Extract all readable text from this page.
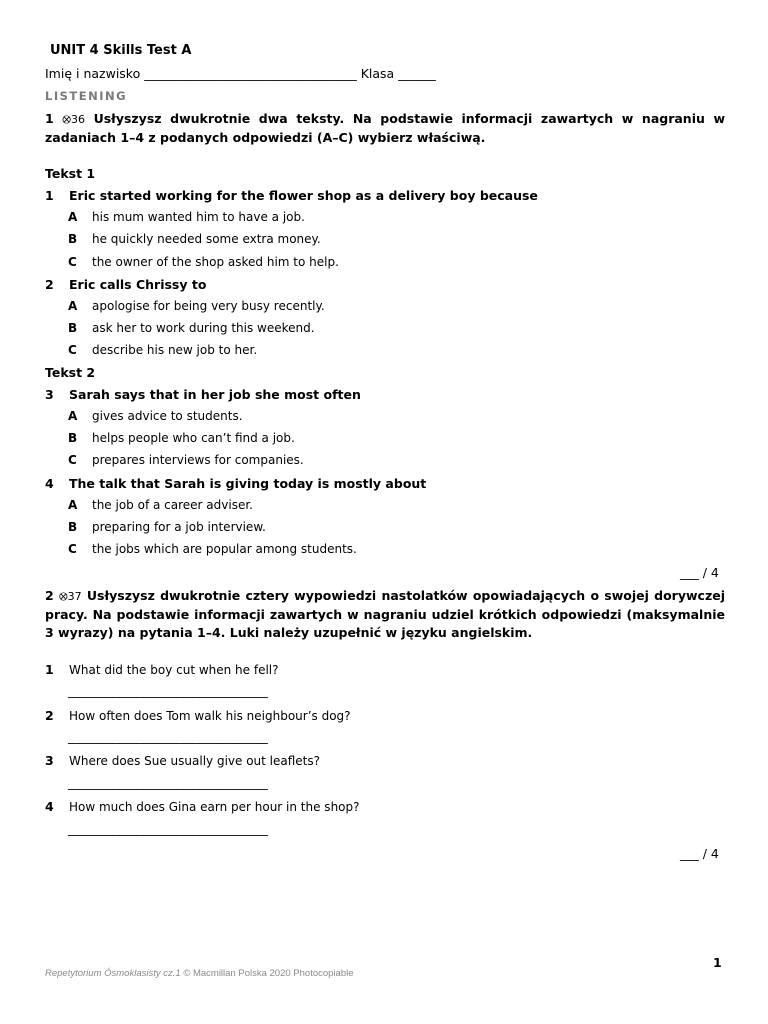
UNIT 4 Skills Test A
Imię i nazwisko __________________________________ Klasa ______
LISTENING
1 ⭙36 Usłyszysz dwukrotnie dwa teksty. Na podstawie informacji zawartych w nagraniu w zadaniach 1–4 z podanych odpowiedzi (A–C) wybierz właściwą.
Tekst 1
1 Eric started working for the flower shop as a delivery boy because
A his mum wanted him to have a job.
B he quickly needed some extra money.
C the owner of the shop asked him to help.
2 Eric calls Chrissy to
A apologise for being very busy recently.
B ask her to work during this weekend.
C describe his new job to her.
Tekst 2
3 Sarah says that in her job she most often
A gives advice to students.
B helps people who can’t find a job.
C prepares interviews for companies.
4 The talk that Sarah is giving today is mostly about
A the job of a career adviser.
B preparing for a job interview.
C the jobs which are popular among students.
___ / 4
2 ⭙37 Usłyszysz dwukrotnie cztery wypowiedzi nastolatków opowiadających o swojej dorywczej pracy. Na podstawie informacji zawartych w nagraniu udziel krótkich odpowiedzi (maksymalnie 3 wyrazy) na pytania 1–4. Luki należy uzupełnić w języku angielskim.
1 What did the boy cut when he fell?
___________________________________
2 How often does Tom walk his neighbour’s dog?
___________________________________
3 Where does Sue usually give out leaflets?
___________________________________
4 How much does Gina earn per hour in the shop?
___________________________________
___ / 4
1
Repetytorium Ósmoklasisty cz.1 © Macmillan Polska 2020 Photocopiable
